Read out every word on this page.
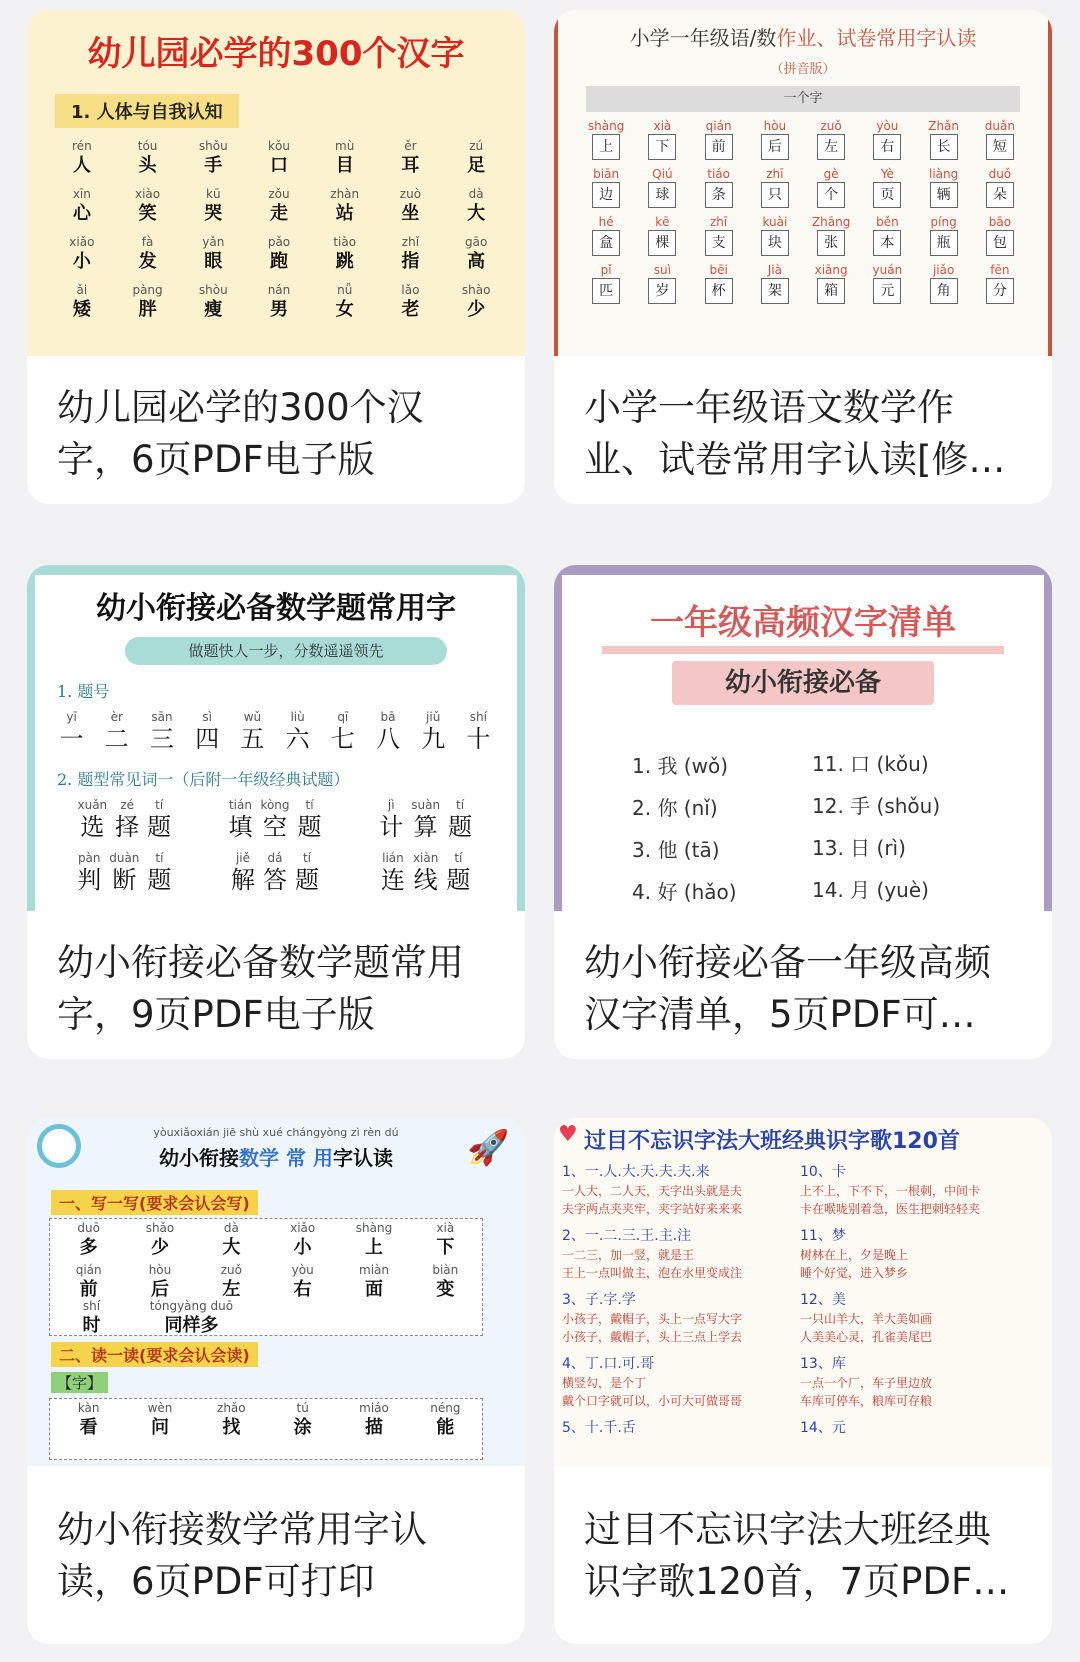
幼儿园必学的300个汉字
1. 人体与自我认知
rén
人
tóu
头
shǒu
手
kǒu
口
mù
目
ěr
耳
zú
足
xīn
心
xiào
笑
kū
哭
zǒu
走
zhàn
站
zuò
坐
dà
大
xiǎo
小
fà
发
yǎn
眼
pǎo
跑
tiào
跳
zhǐ
指
gāo
高
ǎi
矮
pàng
胖
shòu
瘦
nán
男
nǚ
女
lǎo
老
shào
少
幼儿园必学的300个汉
字，6页PDF电子版
小学一年级语/数作业、试卷常用字认读
（拼音版）
一个字
shàng
上
xià
下
qián
前
hòu
后
zuǒ
左
yòu
右
Zhǎn
长
duǎn
短
biān
边
Qiú
球
tiáo
条
zhī
只
gè
个
Yè
页
liàng
辆
duǒ
朵
hé
盒
kē
棵
zhī
支
kuài
块
Zhāng
张
běn
本
píng
瓶
bāo
包
pǐ
匹
suì
岁
bēi
杯
Jià
架
xiāng
箱
yuán
元
jiǎo
角
fēn
分
小学一年级语文数学作
业、试卷常用字认读[修…
幼小衔接必备数学题常用字
做题快人一步，分数遥遥领先
1. 题号
yī
一
èr
二
sān
三
sì
四
wǔ
五
liù
六
qī
七
bā
八
jiǔ
九
shí
十
2. 题型常见词一（后附一年级经典试题）
xuǎn
选
zé
择
tí
题
tián
填
kòng
空
tí
题
jì
计
suàn
算
tí
题
pàn
判
duàn
断
tí
题
jiě
解
dá
答
tí
题
lián
连
xiàn
线
tí
题
幼小衔接必备数学题常用
字，9页PDF电子版
一年级高频汉字清单
幼小衔接必备
1. 我 (wǒ)
2. 你 (nǐ)
3. 他 (tā)
4. 好 (hǎo)
11. 口 (kǒu)
12. 手 (shǒu)
13. 日 (rì)
14. 月 (yuè)
幼小衔接必备一年级高频
汉字清单，5页PDF可…
🚀
yòuxiǎoxián jiē shù xué chángyòng zì rèn dú
幼小衔接数学 常 用字认读
一、写一写(要求会认会写)
duō
多
shǎo
少
dà
大
xiǎo
小
shàng
上
xià
下
qián
前
hòu
后
zuǒ
左
yòu
右
miàn
面
biàn
变
shí
时
tóngyàng duō
同样多
二、读一读(要求会认会读)
【字】
kàn
看
wèn
问
zhǎo
找
tú
涂
miáo
描
néng
能
幼小衔接数学常用字认
读，6页PDF可打印
♥ 过目不忘识字法大班经典识字歌120首
1、一.人.大.天.夫.夫.来
一人大，二人天，天字出头就是夫
夫字两点夹夹牢，夹字站好来来来
2、一.二.三.王.主.注
一二三，加一竖，就是王
王上一点叫做主，泡在水里变成注
3、子.字.学
小孩子，戴帽子，头上一点写大字
小孩子，戴帽子，头上三点上学去
4、丁.口.可.哥
横竖勾，是个丁
戴个口字就可以，小可大可做哥哥
5、十.千.舌
10、卡
上不上，下不下，一根刺，中间卡
卡在喉咙别着急，医生把刺轻轻夹
11、梦
树林在上，夕是晚上
睡个好觉，进入梦乡
12、美
一只山羊大，羊大美如画
人美美心灵，孔雀美尾巴
13、库
一点一个厂，车子里边放
车库可停车，粮库可存粮
14、元
过目不忘识字法大班经典
识字歌120首，7页PDF…
